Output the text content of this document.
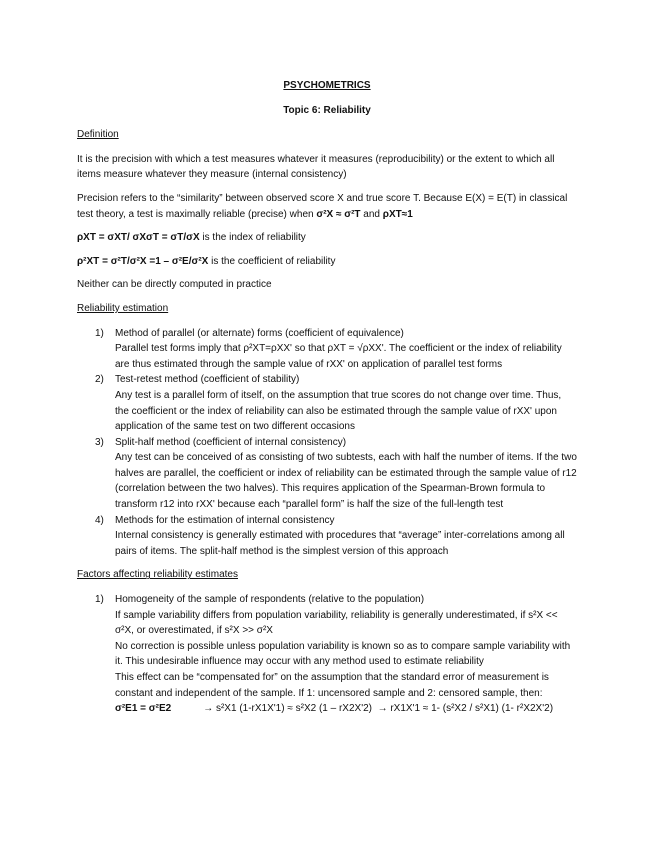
PSYCHOMETRICS
Topic 6: Reliability
Definition

It is the precision with which a test measures whatever it measures (reproducibility) or the extent to which all items measure whatever they measure (internal consistency)

Precision refers to the “similarity” between observed score X and true score T. Because E(X) = E(T) in classical test theory, a test is maximally reliable (precise) when σ²X ≈ σ²T and ρXT≈1

ρXT = σXT/ σXσT = σT/σX is the index of reliability

ρ²XT = σ²T/σ²X =1 – σ²E/σ²X is the coefficient of reliability

Neither can be directly computed in practice

Reliability estimation
1) Method of parallel (or alternate) forms (coefficient of equivalence)
Parallel test forms imply that ρ²XT=ρXX' so that ρXT = √ρXX'. The coefficient or the index of reliability are thus estimated through the sample value of rXX' on application of parallel test forms
2) Test-retest method (coefficient of stability)
Any test is a parallel form of itself, on the assumption that true scores do not change over time. Thus, the coefficient or the index of reliability can also be estimated through the sample value of rXX' upon application of the same test on two different occasions
3) Split-half method (coefficient of internal consistency)
Any test can be conceived of as consisting of two subtests, each with half the number of items. If the two halves are parallel, the coefficient or index of reliability can be estimated through the sample value of r12 (correlation between the two halves). This requires application of the Spearman-Brown formula to transform r12 into rXX' because each “parallel form” is half the size of the full-length test
4) Methods for the estimation of internal consistency
Internal consistency is generally estimated with procedures that “average” inter-correlations among all pairs of items. The split-half method is the simplest version of this approach
Factors affecting reliability estimates
1) Homogeneity of the sample of respondents (relative to the population)
If sample variability differs from population variability, reliability is generally underestimated, if s²X << σ²X, or overestimated, if s²X >> σ²X
No correction is possible unless population variability is known so as to compare sample variability with it. This undesirable influence may occur with any method used to estimate reliability
This effect can be “compensated for” on the assumption that the standard error of measurement is constant and independent of the sample. If 1: uncensored sample and 2: censored sample, then:
σ²E1 = σ²E2	→ s²X1 (1-rX1X'1) ≈ s²X2 (1 – rX2X'2)
→ rX1X'1 ≈ 1- (s²X2 / s²X1) (1- r²X2X'2)
